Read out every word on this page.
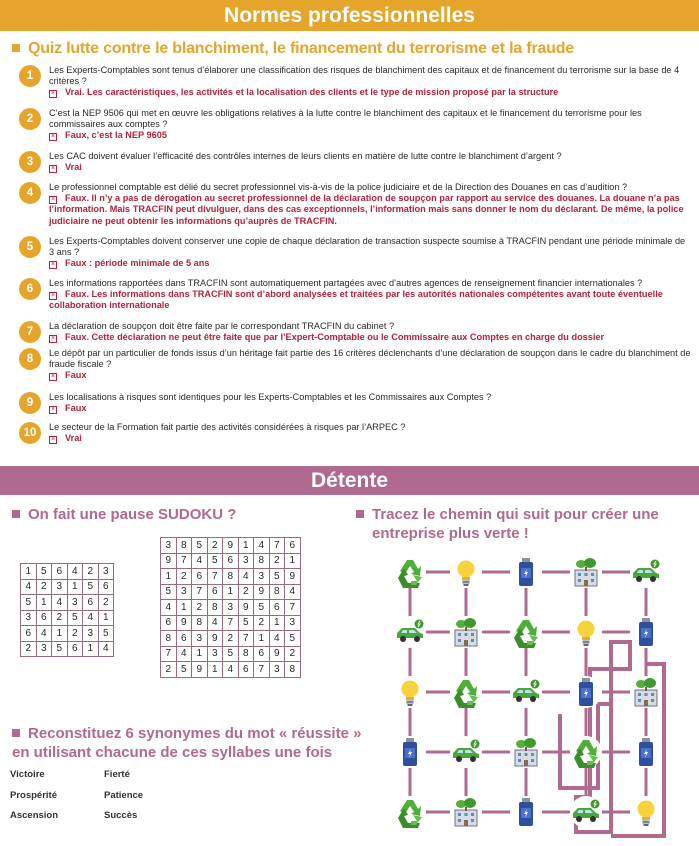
Normes professionnelles
Quiz lutte contre le blanchiment, le financement du terrorisme et la fraude
1	Les Experts-Comptables sont tenus d’élaborer une classification des risques de blanchiment des capitaux et de financement du terrorisme sur la base de 4 critères ?
× Vrai. Les caractéristiques, les activités et la localisation des clients et le type de mission proposé par la structure
2	C’est la NEP 9506 qui met en œuvre les obligations relatives à la lutte contre le blanchiment des capitaux et le financement du terrorisme pour les commissaires aux comptes ?
× Faux, c’est la NEP 9605
3	Les CAC doivent évaluer l’efficacité des contrôles internes de leurs clients en matière de lutte contre le blanchiment d’argent ?
× Vrai
4	Le professionnel comptable est délié du secret professionnel vis-à-vis de la police judiciaire et de la Direction des Douanes en cas d’audition ?
× Faux. Il n’y a pas de dérogation au secret professionnel de la déclaration de soupçon par rapport au service des douanes. La douane n’a pas l’information. Mais TRACFIN peut divulguer, dans des cas exceptionnels, l’information mais sans donner le nom du déclarant. De même, la police judiciaire ne peut obtenir les informations qu’auprès de TRACFIN.
5	Les Experts-Comptables doivent conserver une copie de chaque déclaration de transaction suspecte soumise à TRACFIN pendant une période minimale de 3 ans ?
× Faux : période minimale de 5 ans
6	Les informations rapportées dans TRACFIN sont automatiquement partagées avec d’autres agences de renseignement financier internationales ?
× Faux. Les informations dans TRACFIN sont d’abord analysées et traitées par les autorités nationales compétentes avant toute éventuelle collaboration internationale
7	La déclaration de soupçon doit être faite par le correspondant TRACFIN du cabinet ?
× Faux. Cette déclaration ne peut être faite que par l’Expert-Comptable ou le Commissaire aux Comptes en charge du dossier
8	Le dépôt par un particulier de fonds issus d’un héritage fait partie des 16 critères déclenchants d’une déclaration de soupçon dans le cadre du blanchiment de fraude fiscale ?
× Faux
9	Les localisations à risques sont identiques pour les Experts-Comptables et les Commissaires aux Comptes ?
× Faux
10	Le secteur de la Formation fait partie des activités considérées à risques par l’ARPEC ?
× Vrai
Détente
On fait une pause SUDOKU ?
1	5	6	4	2	3
4	2	3	1	5	6
5	1	4	3	6	2
3	6	2	5	4	1
6	4	1	2	3	5
2	3	5	6	1	4
3	8	5	2	9	1	4	7	6
9	7	4	5	6	3	8	2	1
1	2	6	7	8	4	3	5	9
5	3	7	6	1	2	9	8	4
4	1	2	8	3	9	5	6	7
6	9	8	4	7	5	2	1	3
8	6	3	9	2	7	1	4	5
7	4	1	3	5	8	6	9	2
2	5	9	1	4	6	7	3	8
Reconstituez 6 synonymes du mot « réussite »
en utilisant chacune de ces syllabes une fois
Victoire
Prospérité
Ascension
Fierté
Patience
Succès
Tracez le chemin qui suit pour créer une
entreprise plus verte !
